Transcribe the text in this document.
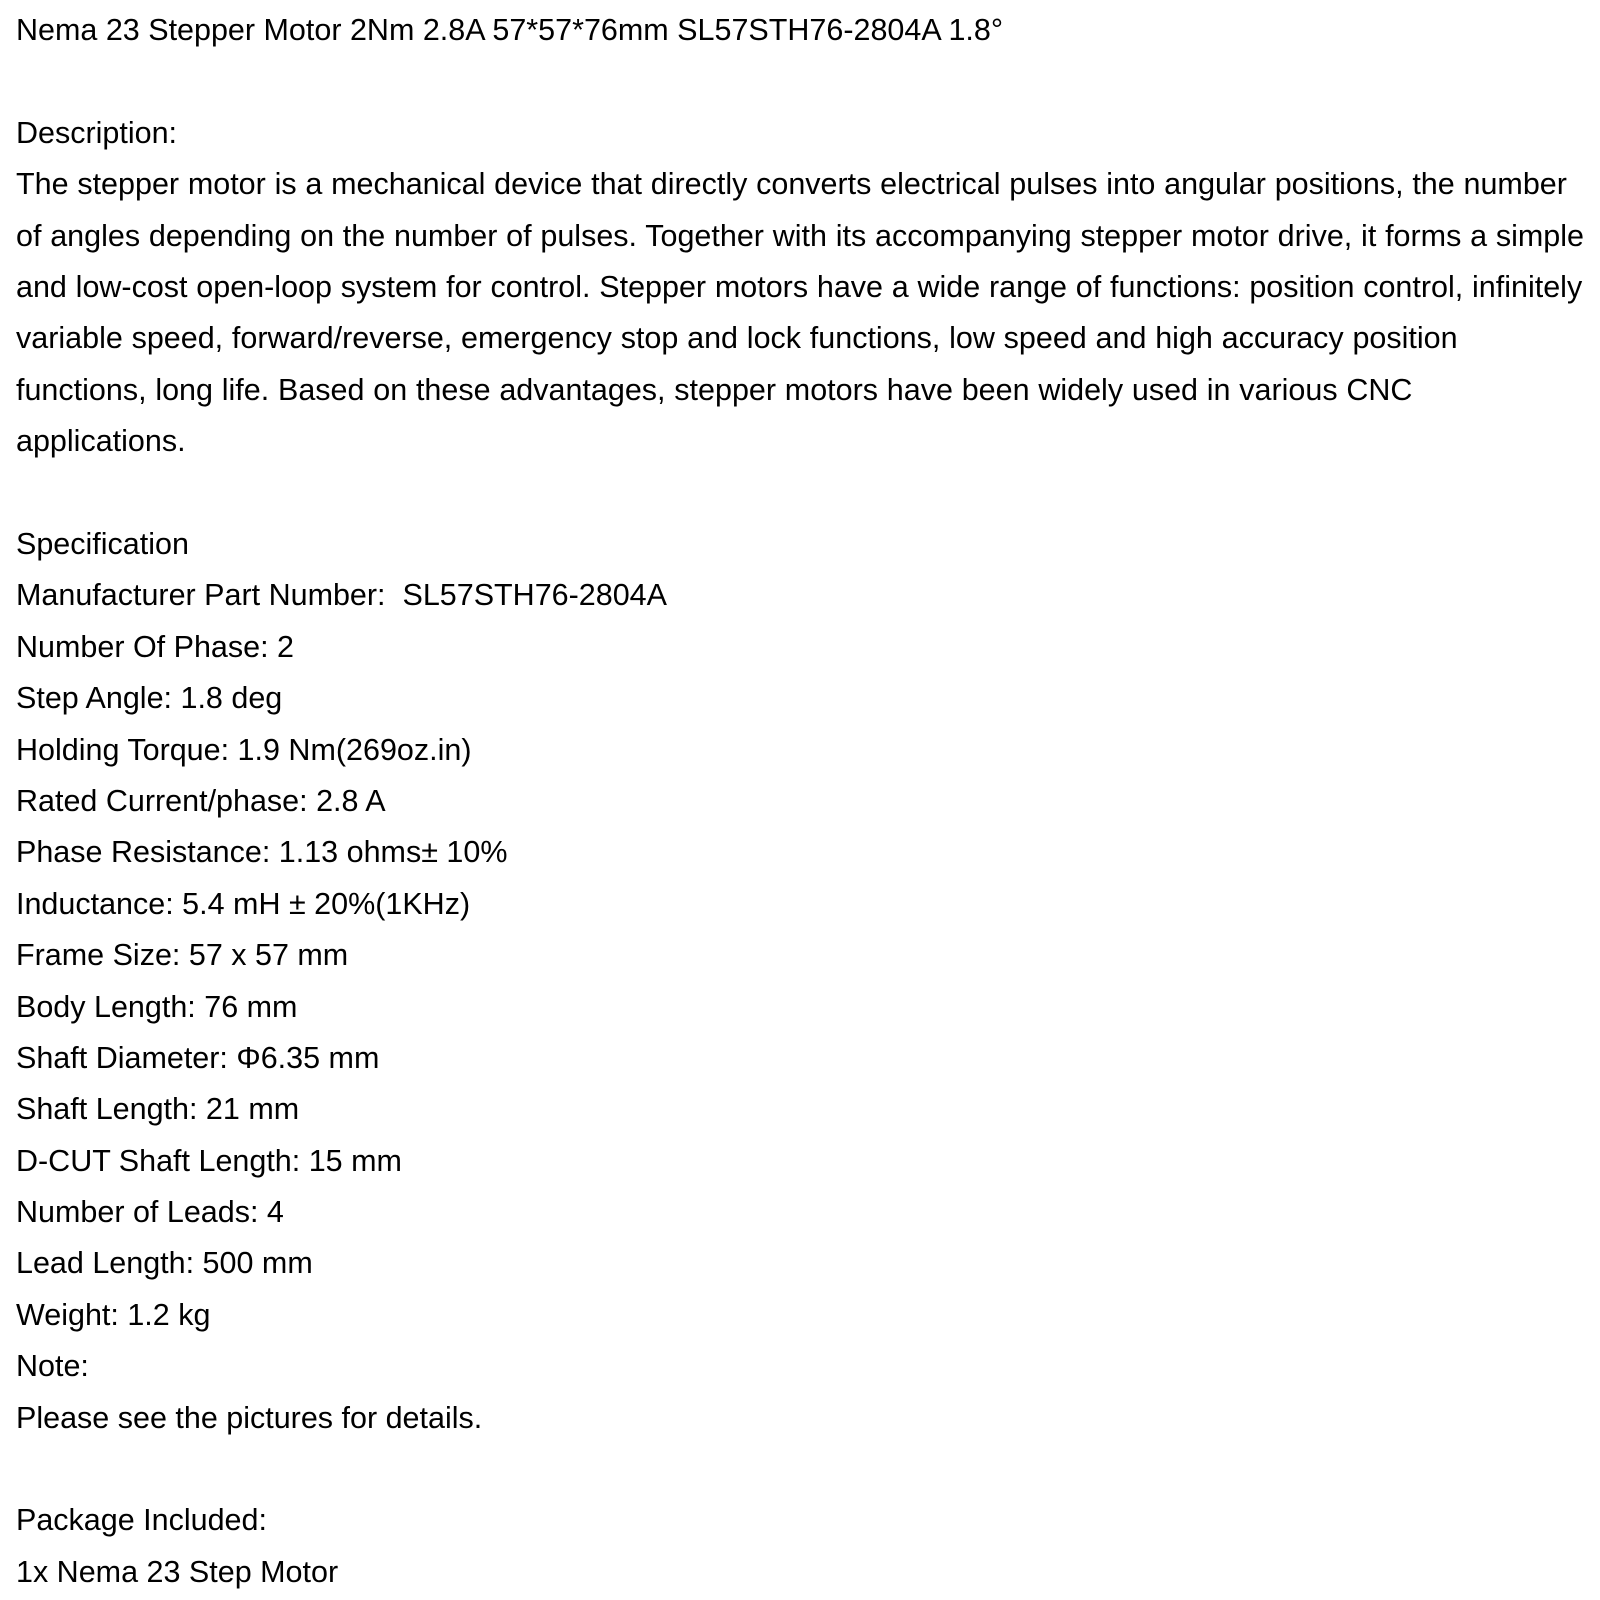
Nema 23 Stepper Motor 2Nm 2.8A 57*57*76mm SL57STH76-2804A 1.8°
Description:
The stepper motor is a mechanical device that directly converts electrical pulses into angular positions, the number of angles depending on the number of pulses. Together with its accompanying stepper motor drive, it forms a simple and low-cost open-loop system for control. Stepper motors have a wide range of functions: position control, infinitely variable speed, forward/reverse, emergency stop and lock functions, low speed and high accuracy position functions, long life. Based on these advantages, stepper motors have been widely used in various CNC applications.
Specification
Manufacturer Part Number:  SL57STH76-2804A
Number Of Phase: 2
Step Angle: 1.8 deg
Holding Torque: 1.9 Nm(269oz.in)
Rated Current/phase: 2.8 A
Phase Resistance: 1.13 ohms± 10%
Inductance: 5.4 mH ± 20%(1KHz)
Frame Size: 57 x 57 mm
Body Length: 76 mm
Shaft Diameter: Φ6.35 mm
Shaft Length: 21 mm
D-CUT Shaft Length: 15 mm
Number of Leads: 4
Lead Length: 500 mm
Weight: 1.2 kg
Note:
Please see the pictures for details.
Package Included:
1x Nema 23 Step Motor
